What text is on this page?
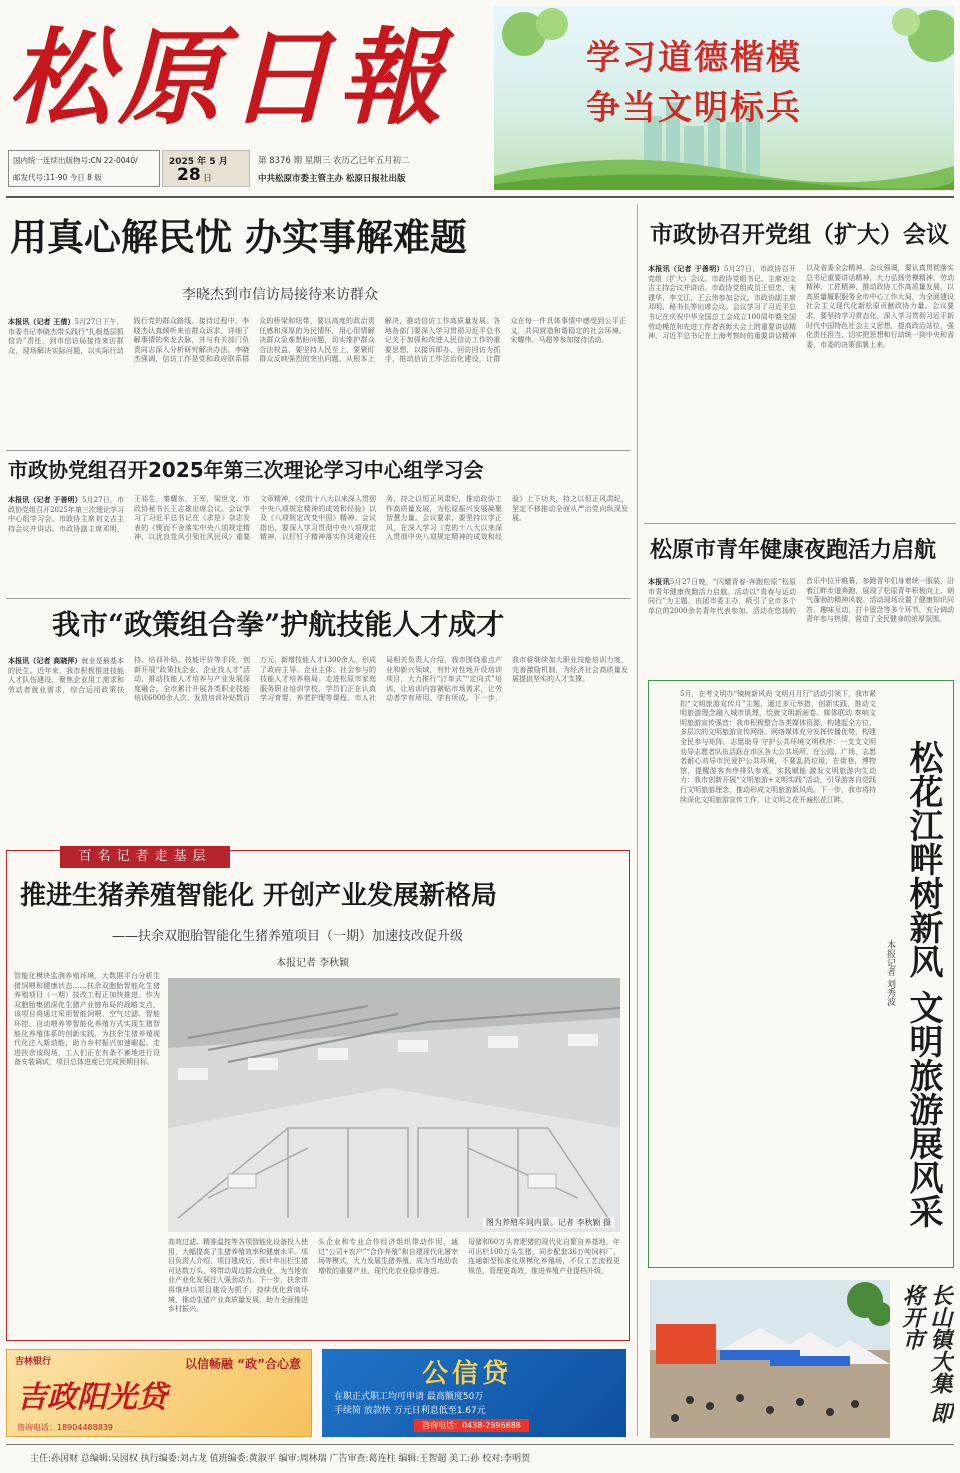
松原日報
国内统一连续出版物号:CN 22-0040/
邮发代号:11-90 今日 8 版
2025 年 5 月
28 日
第 8376 期 星期三 农历乙巳年五月初二
中共松原市委主管主办 松原日报社出版
学习道德楷模
争当文明标兵
用真心解民忧 办实事解难题
李晓杰到市信访局接待来访群众
本报讯（记者 王倩）5月27日下午，市委书记李晓杰带头践行“扎根基层抓信访”责任，到市信访局接待来访群众，现场解决实际问题，以实际行动践行党的群众路线。接待过程中，李晓杰认真倾听来访群众诉求，详细了解事情的来龙去脉，并与有关部门负责同志深入分析研究解决办法。李晓杰强调，信访工作是党和政府联系群众的桥梁和纽带，要以高度的政治责任感和深厚的为民情怀，用心用情解决群众急难愁盼问题，切实维护群众合法权益，要坚持人民至上，要紧盯群众反映强烈的突出问题，从根本上解决，推动信访工作高质量发展。各地各部门要深入学习贯彻习近平总书记关于加强和改进人民信访工作的重要思想，以接诉即办、回访回访为抓手，推动信访工作法治化建设，让群众在每一件具体事情中感受到公平正义，共同营造和谐稳定的社会环境。宋耀伟、马超等参加接待活动。
市政协党组召开2025年第三次理论学习中心组学习会
本报讯（记者 于善明）5月27日，市政协党组召开2025年第三次理论学习中心组学习会。市政协主席刘文吉主持会议并讲话。市政协副主席邓明，王祁生，秦耀东，王军，梁世文，市政协秘书长王志雄出席会议。会议学习了习近平总书记在《求是》杂志发表的《锲而不舍落实中央八项规定精神，以优良党风引领社风民风》重要文章精神，《党的十八大以来深入贯彻中央八项规定精神的成效和经验》以及《八项规定改变中国》精神。会议指出，要深入学习贯彻中央八项规定精神，以钉钉子精神落实作风建设任务，持之以恒正风肃纪，推动政协工作高质量发展，为松原振兴发展凝聚智慧力量。会议要求，要坚持以学正风，在深入学习《党的十八大以来深入贯彻中央八项规定精神的成效和经验》上下功夫，持之以恒正风肃纪，坚定不移推动全面从严治党向纵深发展。
我市“政策组合拳”护航技能人才成才
本报讯（记者 高晓萍）就业是最基本的民生。近年来，我市积极推进技能人才队伍建设，聚焦企业用工需求和劳动者就业需求，综合运用政策扶持、培训补贴、技能评价等手段，创新开展“政策找企业、企业找人才”活动，推动技能人才培养与产业发展深度融合。全市累计开展各类职业技能培训6000余人次，发放培训补贴数百万元，新增技能人才1300余人，形成了政府主导、企业主体、社会参与的技能人才培养格局。走进松原市家庭服务职业培训学校，学员们正在认真学习育婴、养老护理等课程。市人社局相关负责人介绍，我市围绕重点产业和新兴领域，有针对性地开设培训项目，大力推行“订单式”“定向式”培训，让培训内容紧贴市场需求，让劳动者学有所用、学有所成。下一步，我市将继续加大职业技能培训力度，完善激励机制，为经济社会高质量发展提供坚实的人才支撑。
百名记者走基层
推进生猪养殖智能化 开创产业发展新格局
——扶余双胞胎智能化生猪养殖项目（一期）加速技改促升级
本报记者 李秋颖
智能化模块监测养殖环境，大数据平台分析生猪饲喂和健康状态……扶余双胞胎智能化生猪养殖项目（一期）技改工程正加快推进。作为双胞胎集团深化生猪产业链布局的战略支点，该项目将通过采用智能饲喂、空气过滤、智能环控、自动喂养等智能化养殖方式实现生猪智能化养殖体系的创新实践，为扶余生猪养殖现代化注入新动能，助力乡村振兴加速崛起。走进扶余该现场，工人们正在有条不紊地进行设备安装调试，项目总体进度已完成预期目标。
图为养殖车间内景。记者 李秋颖 摄
高效过滤、精准温控等各项智能化设备投入使用，大幅提高了生猪养殖效率和健康水平。项目负责人介绍，项目建成后，预计年出栏生猪可达数万头，将带动周边群众就业，为当地农业产业化发展注入强劲动力。下一步，扶余市将继续以项目建设为抓手，持续优化营商环境，推动生猪产业高质量发展，助力全面推进乡村振兴。
头企业和专业合作经济组织带动作用，通过“公司+农户”“合作养殖”和自建现代化屠宰场等模式，大力发展生猪养殖，成为当地助农增收的重要产业，现代化农业稳步推进。
母猪和60万头育肥猪的现代化自繁自养基地，年可出栏100万头生猪，同步配套36万吨饲料厂，连通新型标准化规模化养殖场，不仅工艺流程更规范，管理更高效，推进养殖产业提档升级。
吉林银行
吉政阳光贷
以信畅融 “政”合心意
咨询电话：18904488839
公信贷
在职正式职工均可申请 最高额度50万
手续简 放款快 万元日利息低至1.67元
咨询电话：0438-2896888
市政协召开党组（扩大）会议
本报讯（记者 于善明）5月27日，市政协召开党组（扩大）会议。市政协党组书记、主席刘文吉主持会议并讲话。市政协党组成员王恒忠、宋建华、李文江、王云伟参加会议。市政协副主席邓明、秘书长等出席会议。会议学习了习近平总书记在庆祝中华全国总工会成立100周年暨全国劳动模范和先进工作者表彰大会上的重要讲话精神，习近平总书记在上海考察时的重要讲话精神以及省委全会精神。会议强调，要认真贯彻落实总书记重要讲话精神，大力弘扬劳模精神、劳动精神、工匠精神，推动政协工作高质量发展，以高质量履职服务全市中心工作大局，为全面建设社会主义现代化新松原贡献政协力量。会议要求，要坚持学习常态化，深入学习贯彻习近平新时代中国特色社会主义思想，提高政治站位，强化责任担当，切实把思想和行动统一到中央和省委、市委的决策部署上来。
松原市青年健康夜跑活力启航
本报讯5月27日晚，“闪耀青春·奔跑松原”松原市青年健康夜跑活力启航。活动以“青春与运动同行”为主题，由团市委主办，吸引了全市多个单位的2000余名青年代表参加。活动在悠扬的音乐中拉开帷幕，参跑青年们身着统一服装，沿着江畔步道奔跑，展现了松原青年积极向上、朝气蓬勃的精神风貌。活动现场设置了健康知识问答、趣味互动、打卡留念等多个环节，充分调动青年参与热情，营造了全民健身的浓厚氛围。
5月，在考文明办“镜树新风尚 文明月月行”活动引领下，我市紧扣“文明旅游宣传月”主题，通过多元举措，创新实践，推动文明旅游理念融入城市肌理，绘就文明新画卷。媒体联动 奏响文明旅游宣传强音：我市积极整合各类媒体资源，构建起全方位、多层次的文明旅游宣传网络。网络媒体充分发挥传播优势，构建全民参与矩阵。志愿助导 守护公共环境文明秩序：一支支文明劝导志愿者队伍活跃在市区各大公共场所，在公园、广场、志愿者耐心劝导市民爱护公共环境，不要乱扔垃圾，在街巷，博物馆，提醒游客有序排队参观。实践赋能 激发文明旅游内生动力：我市创新开展“文明旅游+文明实践”活动，引导游客自觉践行文明旅游理念，推动形成文明旅游新风尚。下一步，我市将持续深化文明旅游宣传工作，让文明之花开遍松花江畔。	松花江畔树新风 文明旅游展风采
本报记者 刘秀波
长山镇大集 即将开市
主任:孙国财 总编辑:吴园权 执行编委:刘占龙 值班编委:黄淑平 编审:周林瑞 广告审查:葛连柱 编辑:王智超 美工:孙 校对:李明贺
